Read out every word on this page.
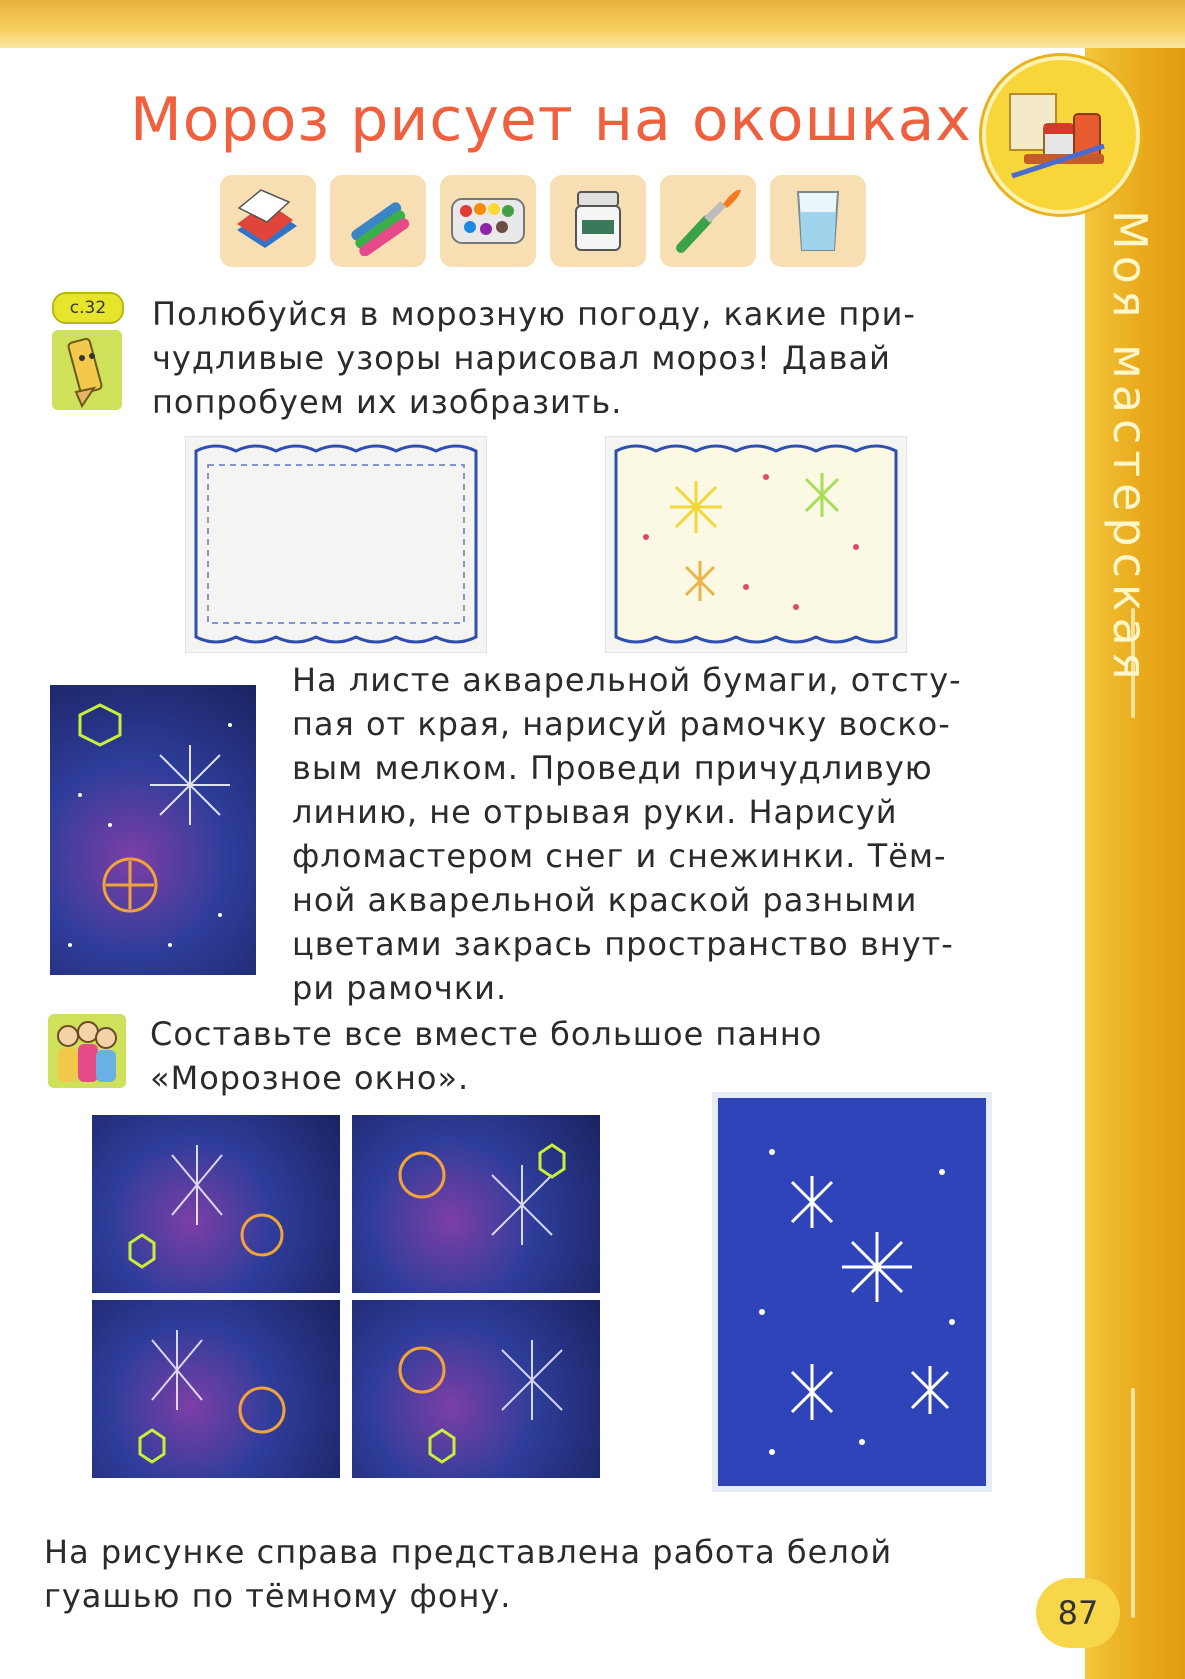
Моя мастерская
Мороз рисует на окошках
с.32	Полюбуйся в морозную погоду, какие при-

чудливые узоры нарисовал мороз! Давай

попробуем их изобразить.

На листе акварельной бумаги, отсту-

пая от края, нарисуй рамочку воско-

вым мелком. Проведи причудливую

линию, не отрывая руки. Нарисуй

фломастером снег и снежинки. Тём-

ной акварельной краской разными

цветами закрась пространство внут-

ри рамочки.

Составьте все вместе большое панно

«Морозное окно».

На рисунке справа представлена работа белой

гуашью по тёмному фону.	87
